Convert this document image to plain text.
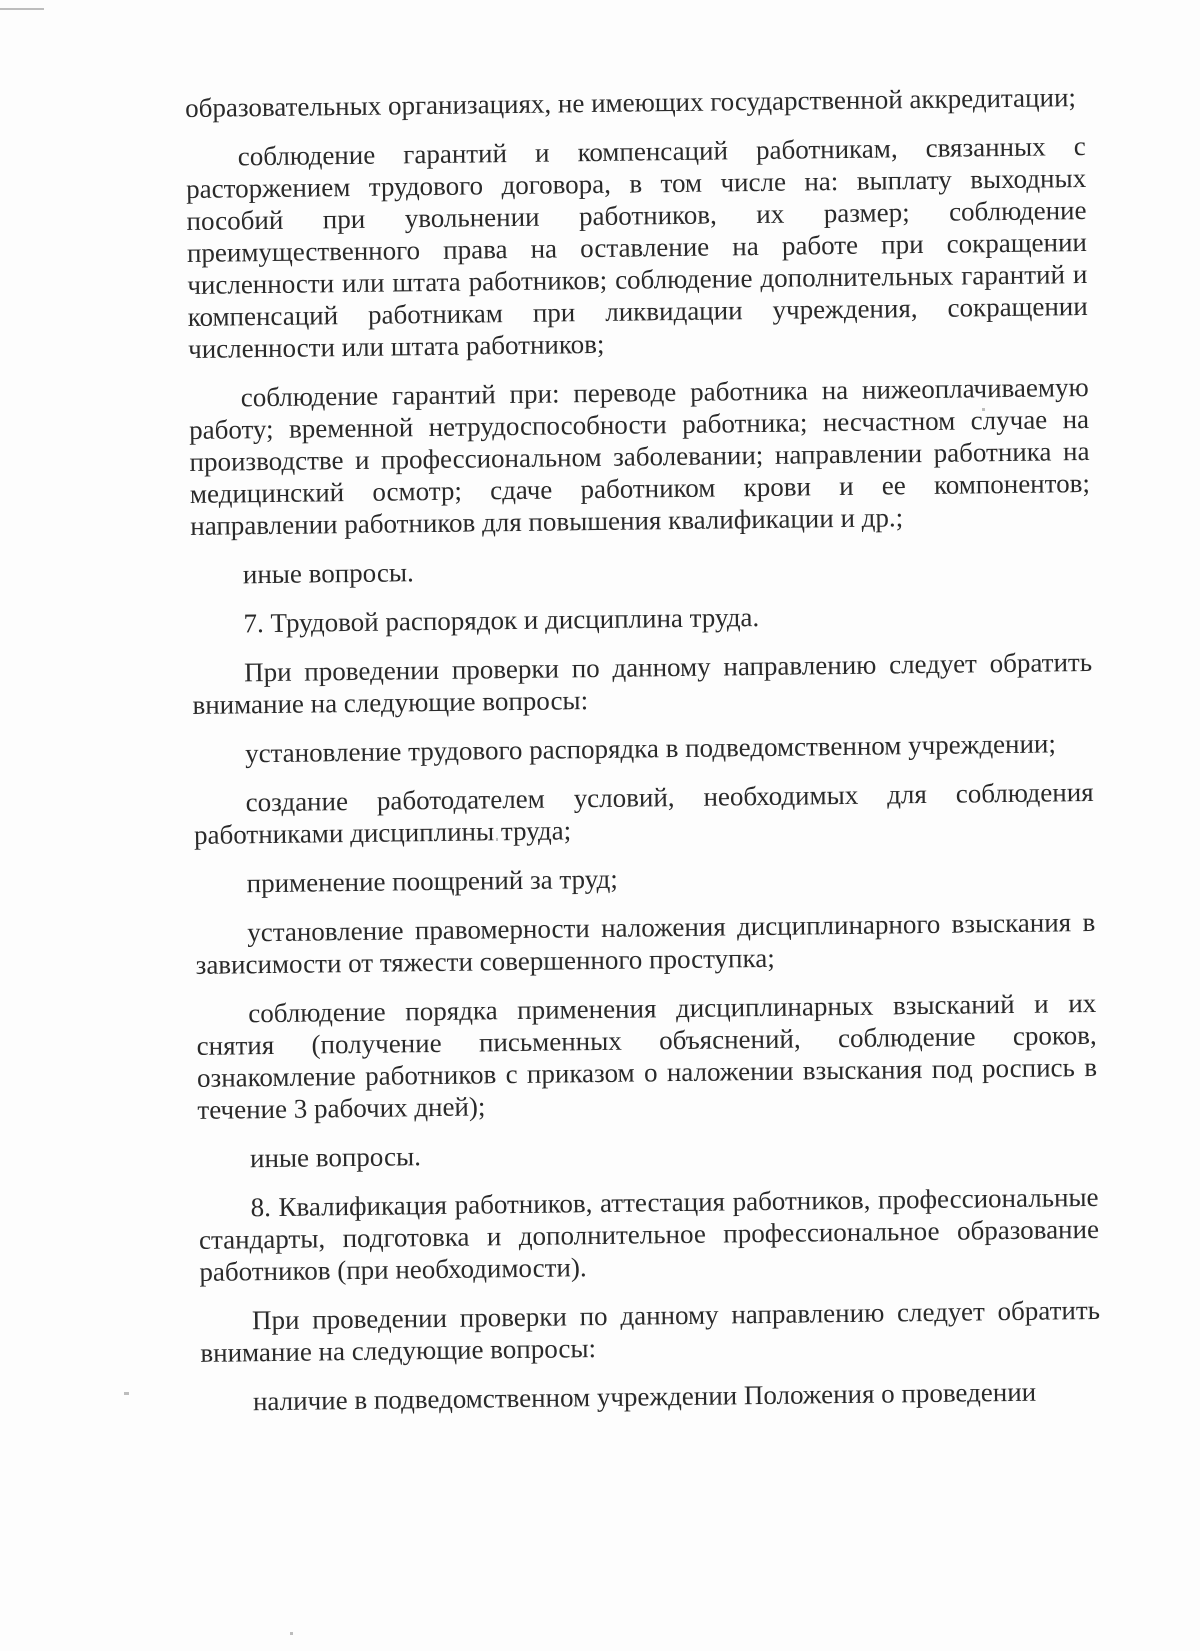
образовательных организациях, не имеющих государственной аккредитации;

соблюдение гарантий и компенсаций работникам, связанных с расторжением трудового договора, в том числе на: выплату выходных пособий при увольнении работников, их размер; соблюдение преимущественного права на оставление на работе при сокращении численности или штата работников; соблюдение дополнительных гарантий и компенсаций работникам при ликвидации учреждения, сокращении численности или штата работников;

соблюдение гарантий при: переводе работника на нижеоплачиваемую работу; временной нетрудоспособности работника; несчастном случае на производстве и профессиональном заболевании; направлении работника на медицинский осмотр; сдаче работником крови и ее компонентов; направлении работников для повышения квалификации и др.;

иные вопросы.

7. Трудовой распорядок и дисциплина труда.

При проведении проверки по данному направлению следует обратить внимание на следующие вопросы:

установление трудового распорядка в подведомственном учреждении;

создание работодателем условий, необходимых для соблюдения работниками дисциплины труда;

применение поощрений за труд;

установление правомерности наложения дисциплинарного взыскания в зависимости от тяжести совершенного проступка;

соблюдение порядка применения дисциплинарных взысканий и их снятия (получение письменных объяснений, соблюдение сроков, ознакомление работников с приказом о наложении взыскания под роспись в течение 3 рабочих дней);

иные вопросы.

8. Квалификация работников, аттестация работников, профессиональные стандарты, подготовка и дополнительное профессиональное образование работников (при необходимости).

При проведении проверки по данному направлению следует обратить внимание на следующие вопросы:

наличие в подведомственном учреждении Положения о проведении
